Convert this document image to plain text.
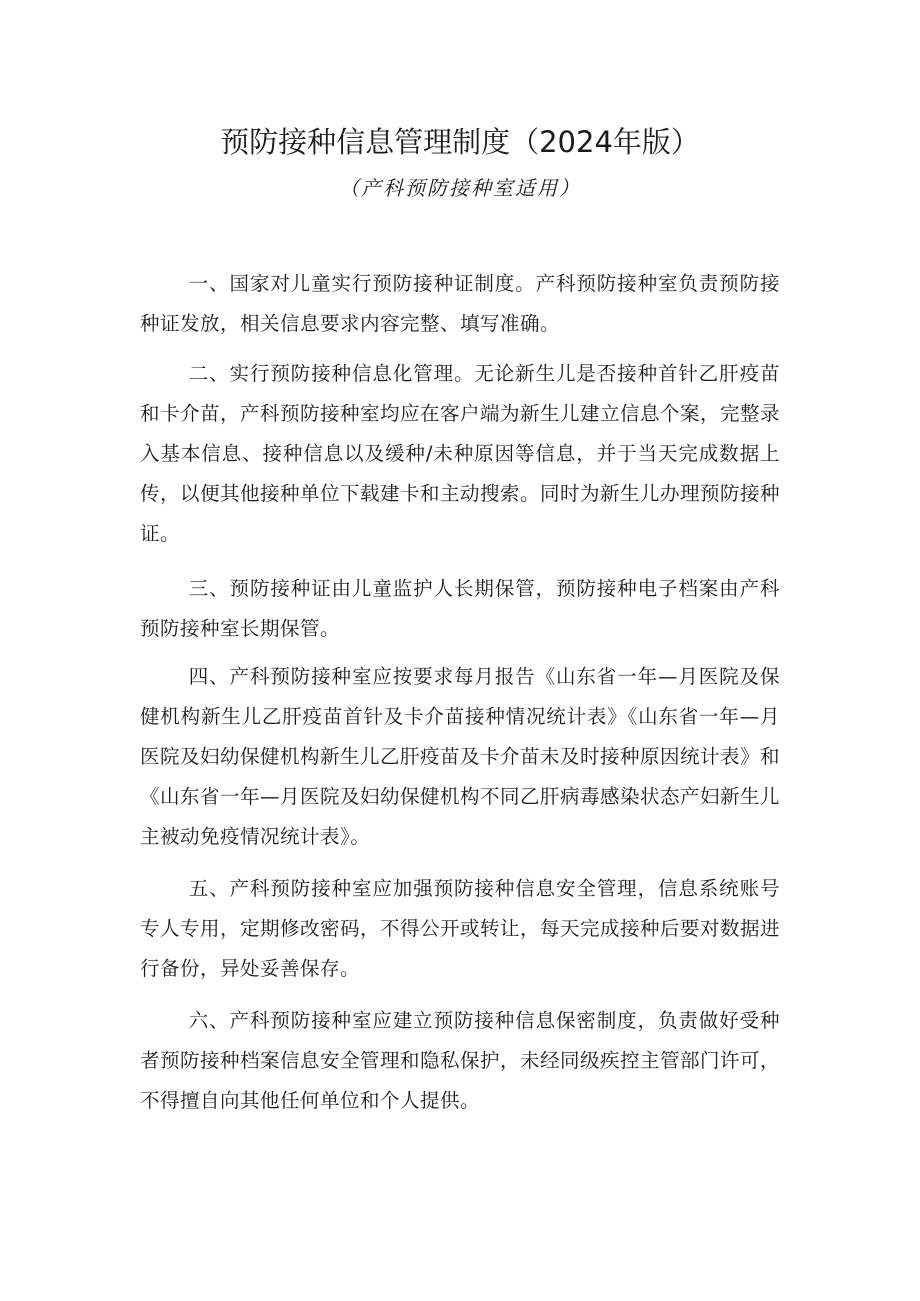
预防接种信息管理制度（2024年版）
（产科预防接种室适用）

一、国家对儿童实行预防接种证制度。产科预防接种室负责预防接种证发放，相关信息要求内容完整、填写准确。

二、实行预防接种信息化管理。无论新生儿是否接种首针乙肝疫苗和卡介苗，产科预防接种室均应在客户端为新生儿建立信息个案，完整录入基本信息、接种信息以及缓种/未种原因等信息，并于当天完成数据上传，以便其他接种单位下载建卡和主动搜索。同时为新生儿办理预防接种证。

三、预防接种证由儿童监护人长期保管，预防接种电子档案由产科预防接种室长期保管。

四、产科预防接种室应按要求每月报告《山东省一年—月医院及保健机构新生儿乙肝疫苗首针及卡介苗接种情况统计表》《山东省一年—月医院及妇幼保健机构新生儿乙肝疫苗及卡介苗未及时接种原因统计表》和《山东省一年—月医院及妇幼保健机构不同乙肝病毒感染状态产妇新生儿主被动免疫情况统计表》。

五、产科预防接种室应加强预防接种信息安全管理，信息系统账号专人专用，定期修改密码，不得公开或转让，每天完成接种后要对数据进行备份，异处妥善保存。

六、产科预防接种室应建立预防接种信息保密制度，负责做好受种者预防接种档案信息安全管理和隐私保护，未经同级疾控主管部门许可，不得擅自向其他任何单位和个人提供。
